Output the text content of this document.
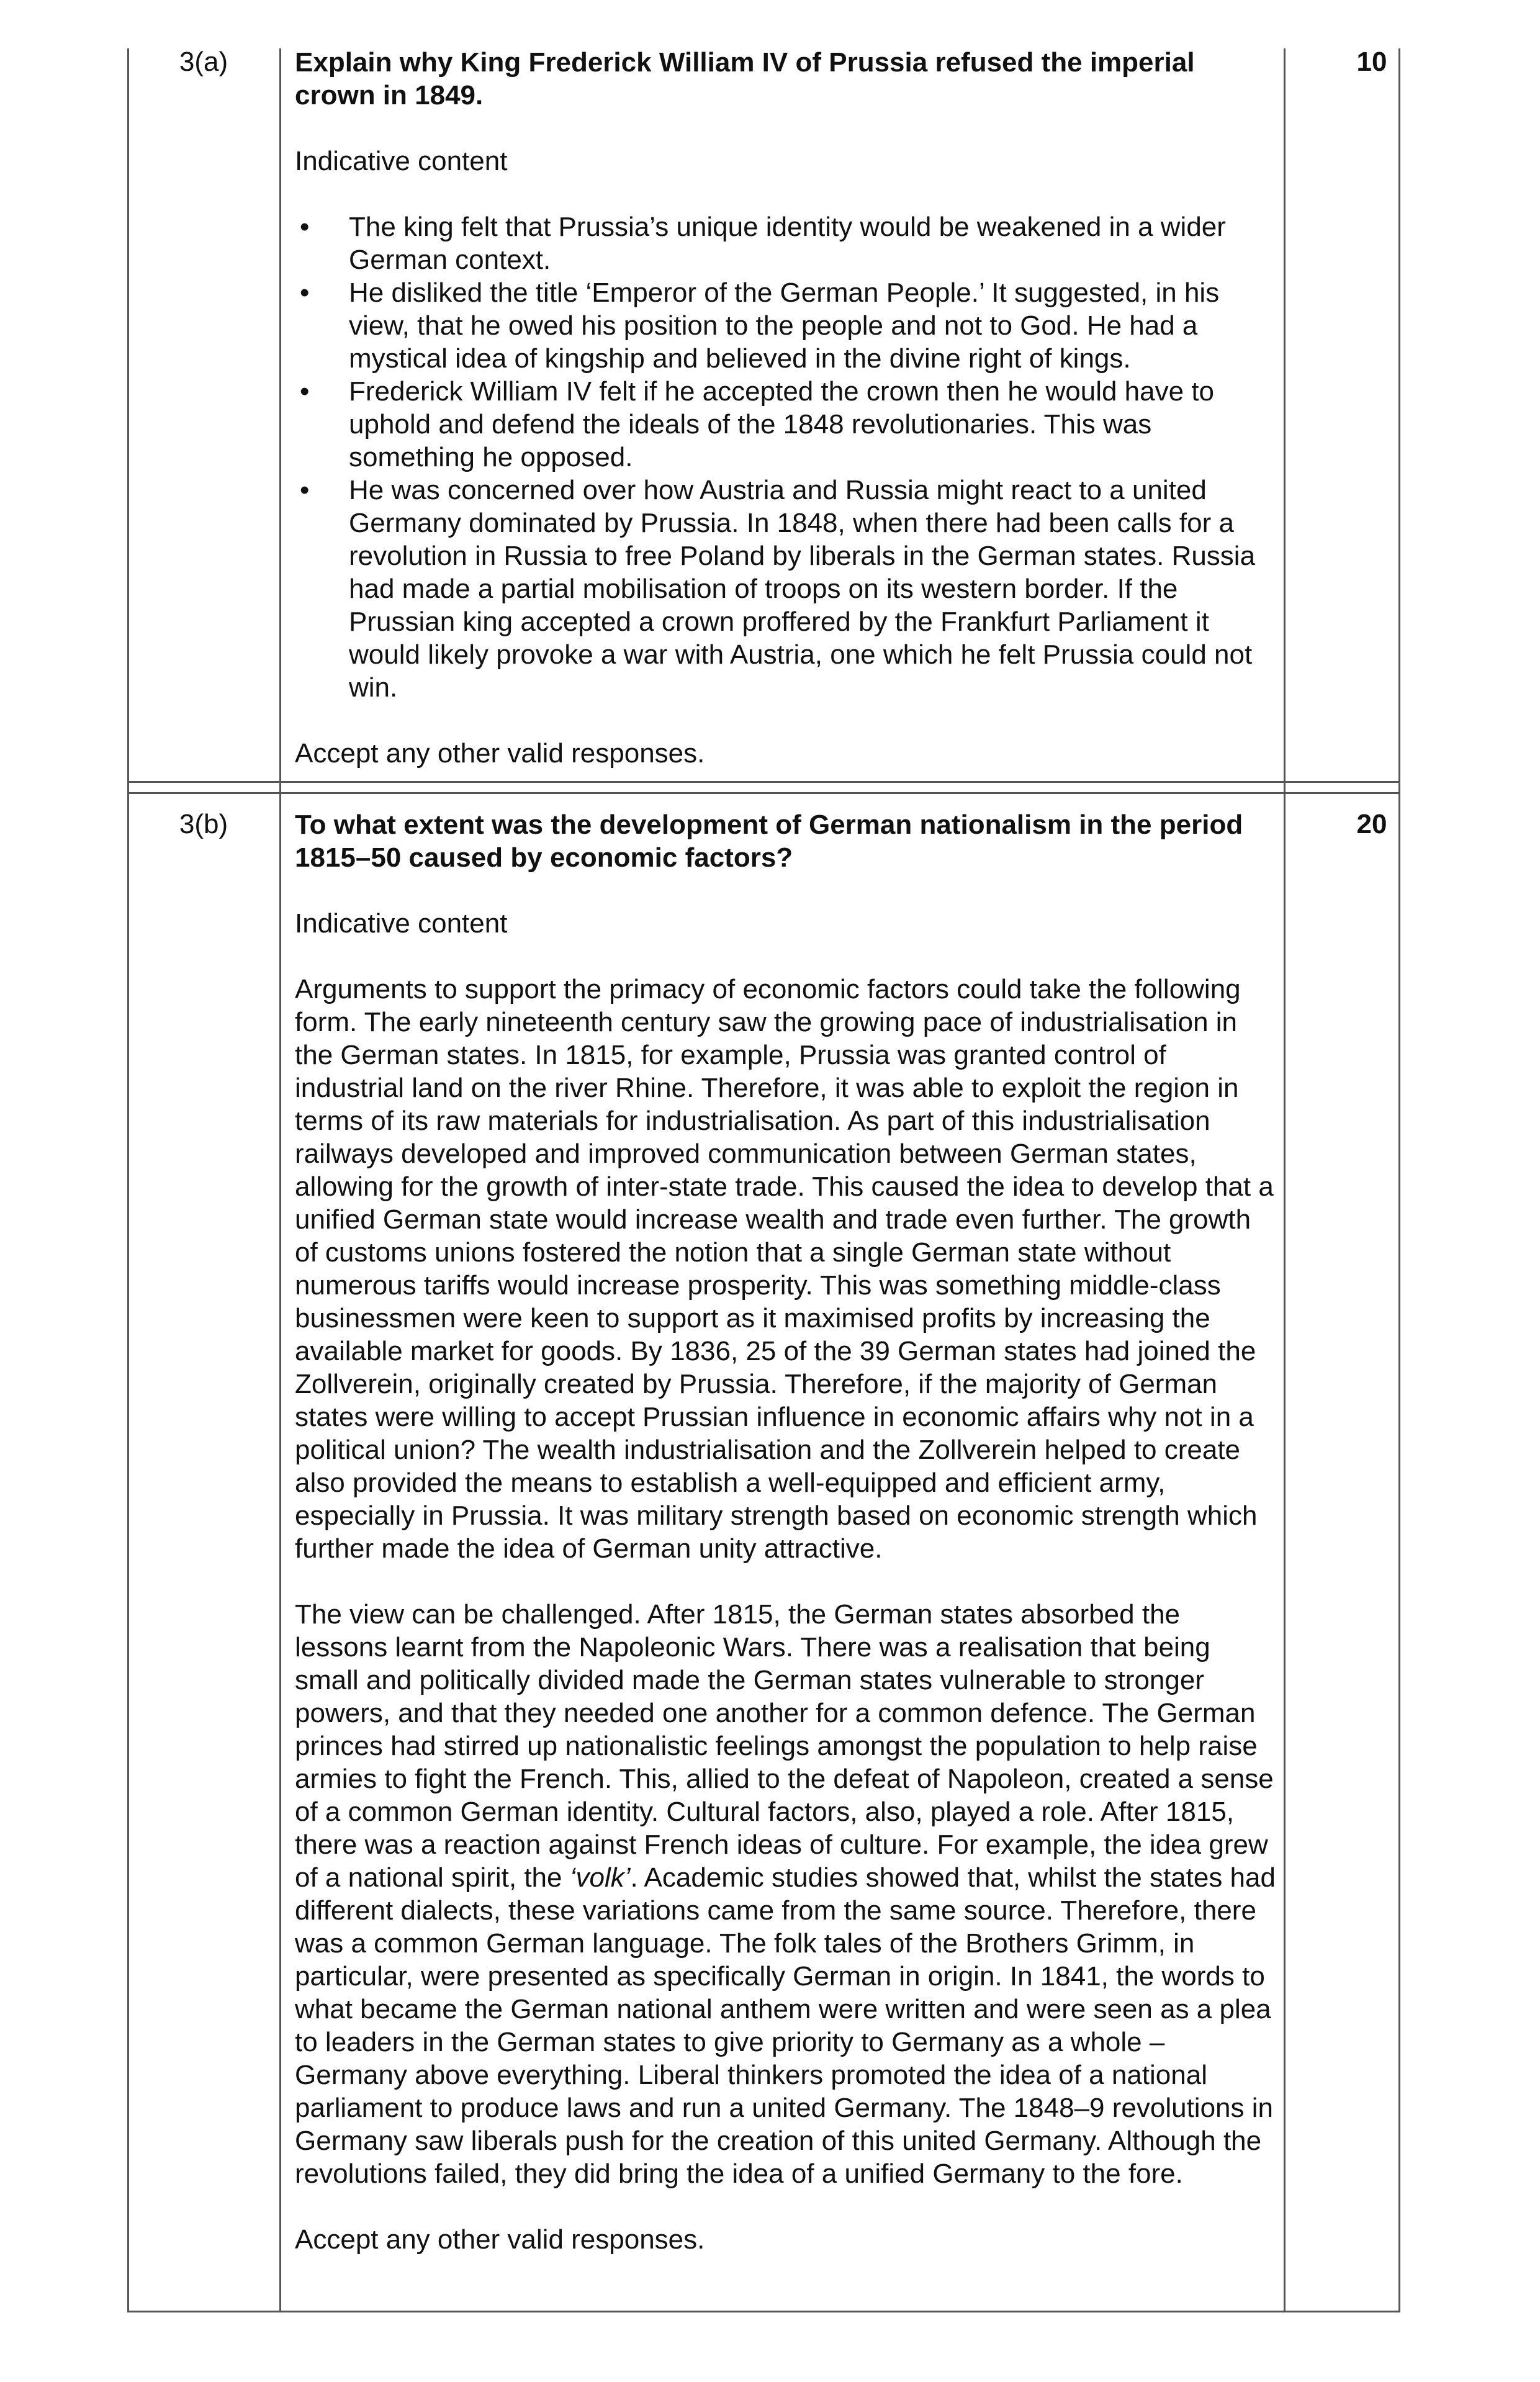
3(a)	10

Explain why King Frederick William IV of Prussia refused the imperial crown in 1849.

Indicative content

• The king felt that Prussia’s unique identity would be weakened in a wider German context.
• He disliked the title ‘Emperor of the German People.’ It suggested, in his view, that he owed his position to the people and not to God. He had a mystical idea of kingship and believed in the divine right of kings.
• Frederick William IV felt if he accepted the crown then he would have to uphold and defend the ideals of the 1848 revolutionaries. This was something he opposed.
• He was concerned over how Austria and Russia might react to a united Germany dominated by Prussia. In 1848, when there had been calls for a revolution in Russia to free Poland by liberals in the German states. Russia had made a partial mobilisation of troops on its western border. If the Prussian king accepted a crown proffered by the Frankfurt Parliament it would likely provoke a war with Austria, one which he felt Prussia could not win.

Accept any other valid responses.

3(b)	20

To what extent was the development of German nationalism in the period 1815–50 caused by economic factors?

Indicative content

Arguments to support the primacy of economic factors could take the following form. The early nineteenth century saw the growing pace of industrialisation in the German states. In 1815, for example, Prussia was granted control of industrial land on the river Rhine. Therefore, it was able to exploit the region in terms of its raw materials for industrialisation. As part of this industrialisation railways developed and improved communication between German states, allowing for the growth of inter-state trade. This caused the idea to develop that a unified German state would increase wealth and trade even further. The growth of customs unions fostered the notion that a single German state without numerous tariffs would increase prosperity. This was something middle-class businessmen were keen to support as it maximised profits by increasing the available market for goods. By 1836, 25 of the 39 German states had joined the Zollverein, originally created by Prussia. Therefore, if the majority of German states were willing to accept Prussian influence in economic affairs why not in a political union? The wealth industrialisation and the Zollverein helped to create also provided the means to establish a well-equipped and efficient army, especially in Prussia. It was military strength based on economic strength which further made the idea of German unity attractive.

The view can be challenged. After 1815, the German states absorbed the lessons learnt from the Napoleonic Wars. There was a realisation that being small and politically divided made the German states vulnerable to stronger powers, and that they needed one another for a common defence. The German princes had stirred up nationalistic feelings amongst the population to help raise armies to fight the French. This, allied to the defeat of Napoleon, created a sense of a common German identity. Cultural factors, also, played a role. After 1815, there was a reaction against French ideas of culture. For example, the idea grew of a national spirit, the ‘volk’. Academic studies showed that, whilst the states had different dialects, these variations came from the same source. Therefore, there was a common German language. The folk tales of the Brothers Grimm, in particular, were presented as specifically German in origin. In 1841, the words to what became the German national anthem were written and were seen as a plea to leaders in the German states to give priority to Germany as a whole – Germany above everything. Liberal thinkers promoted the idea of a national parliament to produce laws and run a united Germany. The 1848–9 revolutions in Germany saw liberals push for the creation of this united Germany. Although the revolutions failed, they did bring the idea of a unified Germany to the fore.

Accept any other valid responses.
